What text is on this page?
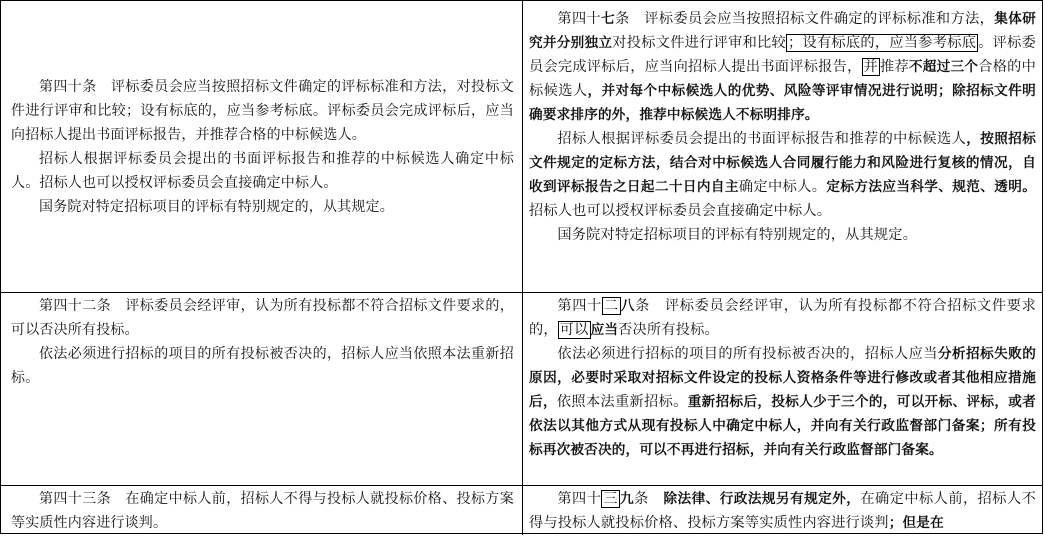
第四十条　评标委员会应当按照招标文件确定的评标标准和方法，对投标文件进行评审和比较；设有标底的，应当参考标底。评标委员会完成评标后，应当向招标人提出书面评标报告，并推荐合格的中标候选人。

招标人根据评标委员会提出的书面评标报告和推荐的中标候选人确定中标人。招标人也可以授权评标委员会直接确定中标人。

国务院对特定招标项目的评标有特别规定的，从其规定。

第四十七条　评标委员会应当按照招标文件确定的评标标准和方法，集体研究并分别独立对投标文件进行评审和比较 ；设有标底的，应当参考标底 。评标委员会完成评标后，应当向招标人提出书面评标报告， 并 推荐不超过三个合格的中标候选人，并对每个中标候选人的优势、风险等评审情况进行说明；除招标文件明确要求排序的外，推荐中标候选人不标明排序。

招标人根据评标委员会提出的书面评标报告和推荐的中标候选人，按照招标文件规定的定标方法，结合对中标候选人合同履行能力和风险进行复核的情况，自收到评标报告之日起二十日内自主确定中标人。定标方法应当科学、规范、透明。招标人也可以授权评标委员会直接确定中标人。

国务院对特定招标项目的评标有特别规定的，从其规定。

第四十二条　评标委员会经评审，认为所有投标都不符合招标文件要求的，可以否决所有投标。

依法必须进行招标的项目的所有投标被否决的，招标人应当依照本法重新招标。

第四十 二 八条　评标委员会经评审，认为所有投标都不符合招标文件要求的， 可以 应当否决所有投标。

依法必须进行招标的项目的所有投标被否决的，招标人应当分析招标失败的原因，必要时采取对招标文件设定的投标人资格条件等进行修改或者其他相应措施后，依照本法重新招标。重新招标后，投标人少于三个的，可以开标、评标，或者依法以其他方式从现有投标人中确定中标人，并向有关行政监督部门备案；所有投标再次被否决的，可以不再进行招标，并向有关行政监督部门备案。

第四十三条　在确定中标人前，招标人不得与投标人就投标价格、投标方案等实质性内容进行谈判。

第四十 三 九条　除法律、行政法规另有规定外，在确定中标人前，招标人不得与投标人就投标价格、投标方案等实质性内容进行谈判；但是在
